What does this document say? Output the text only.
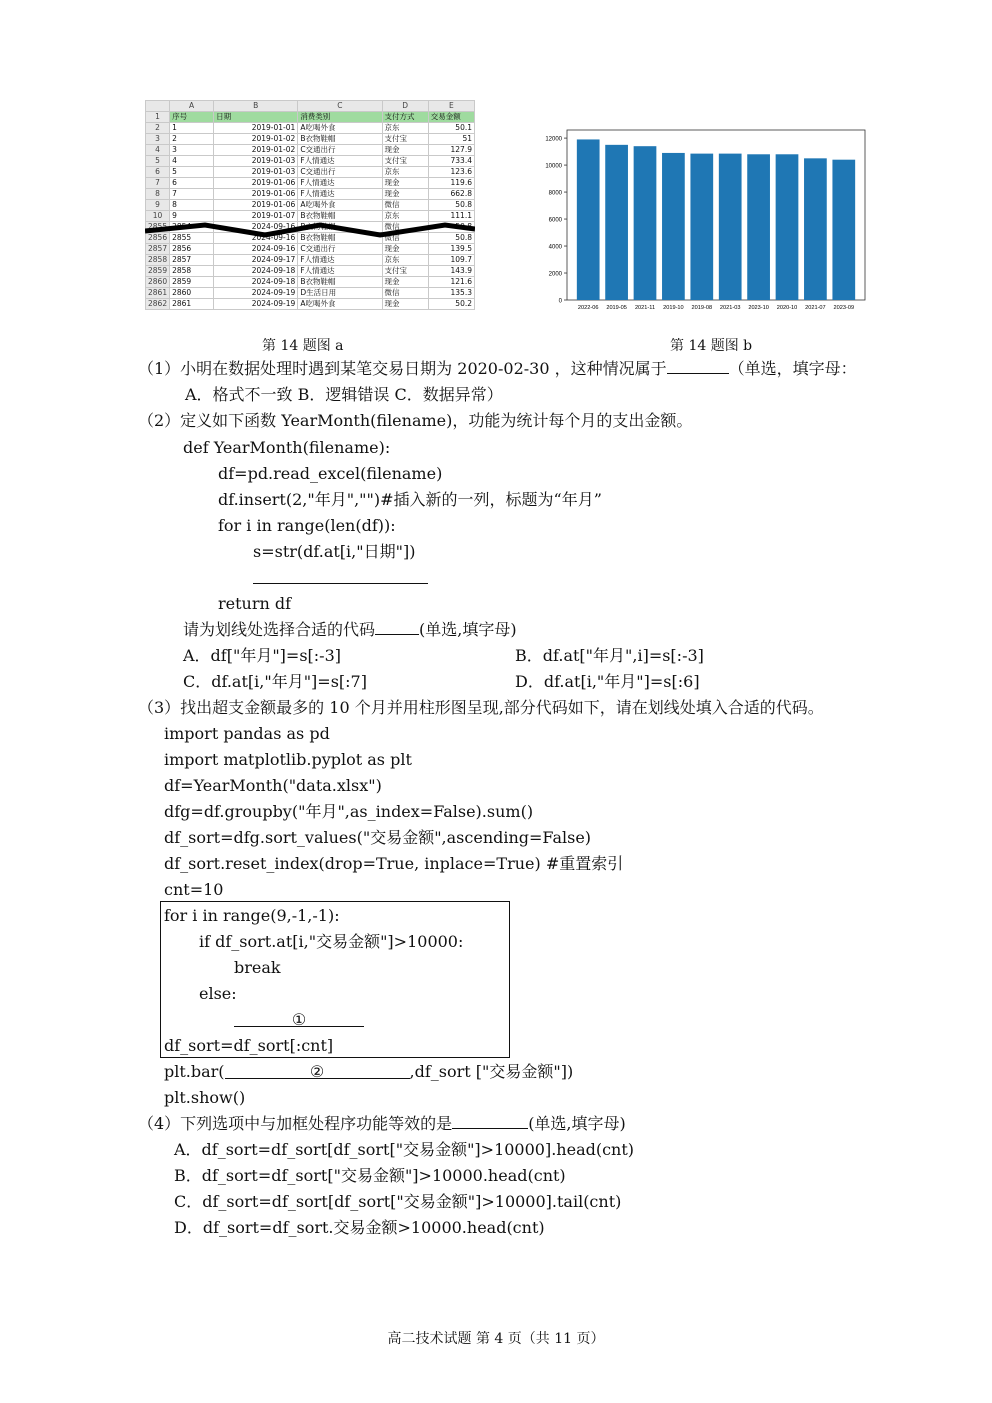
	A	B	C	D	E
1	序号	日期	消费类别	支付方式	交易金额
2	1	2019-01-01	A吃喝外食	京东	50.1
3	2	2019-01-02	B衣物鞋帽	支付宝	51
4	3	2019-01-02	C交通出行	现金	127.9
5	4	2019-01-03	F人情通达	支付宝	733.4
6	5	2019-01-03	C交通出行	京东	123.6
7	6	2019-01-06	F人情通达	现金	119.6
8	7	2019-01-06	F人情通达	现金	662.8
9	8	2019-01-06	A吃喝外食	微信	50.8
10	9	2019-01-07	B衣物鞋帽	京东	111.1
2855	2854	2024-09-16	B衣物鞋帽	微信	50.8
2856	2855	2024-09-16	B衣物鞋帽	微信	50.8
2857	2856	2024-09-16	C交通出行	现金	139.5
2858	2857	2024-09-17	F人情通达	京东	109.7
2859	2858	2024-09-18	F人情通达	支付宝	143.9
2860	2859	2024-09-18	B衣物鞋帽	现金	121.6
2861	2860	2024-09-19	D生活日用	微信	135.3
2862	2861	2024-09-19	A吃喝外食	现金	50.2
第 14 题图 a
0
2000
4000
6000
8000
10000
12000
2022-06 2019-05 2021-11 2019-10 2019-08 2021-03 2023-10 2020-10 2021-07 2023-09
第 14 题图 b
（1）小明在数据处理时遇到某笔交易日期为 2020-02-30 ，这种情况属于	（单选，填字母：
A．格式不一致 B．逻辑错误 C．数据异常）
（2）定义如下函数 YearMonth(filename)，功能为统计每个月的支出金额。
def YearMonth(filename):
df=pd.read_excel(filename)
df.insert(2,"年月","")#插入新的一列，标题为“年月”
for i in range(len(df)):
s=str(df.at[i,"日期"])
return df
请为划线处选择合适的代码	(单选,填字母)
A．df["年月"]=s[:-3]	B．df.at["年月",i]=s[:-3]
C．df.at[i,"年月"]=s[:7]	D．df.at[i,"年月"]=s[:6]
（3）找出超支金额最多的 10 个月并用柱形图呈现,部分代码如下，请在划线处填入合适的代码。
import pandas as pd
import matplotlib.pyplot as plt
df=YearMonth("data.xlsx")
dfg=df.groupby("年月",as_index=False).sum()
df_sort=dfg.sort_values("交易金额",ascending=False)
df_sort.reset_index(drop=True, inplace=True) #重置索引
cnt=10
for i in range(9,-1,-1):
if df_sort.at[i,"交易金额"]>10000:
break
else:
①
df_sort=df_sort[:cnt]
plt.bar(	②	,df_sort ["交易金额"])
plt.show()
（4）下列选项中与加框处程序功能等效的是	(单选,填字母)
A．df_sort=df_sort[df_sort["交易金额"]>10000].head(cnt)
B．df_sort=df_sort["交易金额"]>10000.head(cnt)
C．df_sort=df_sort[df_sort["交易金额"]>10000].tail(cnt)
D．df_sort=df_sort.交易金额>10000.head(cnt)
高二技术试题 第 4 页（共 11 页）
